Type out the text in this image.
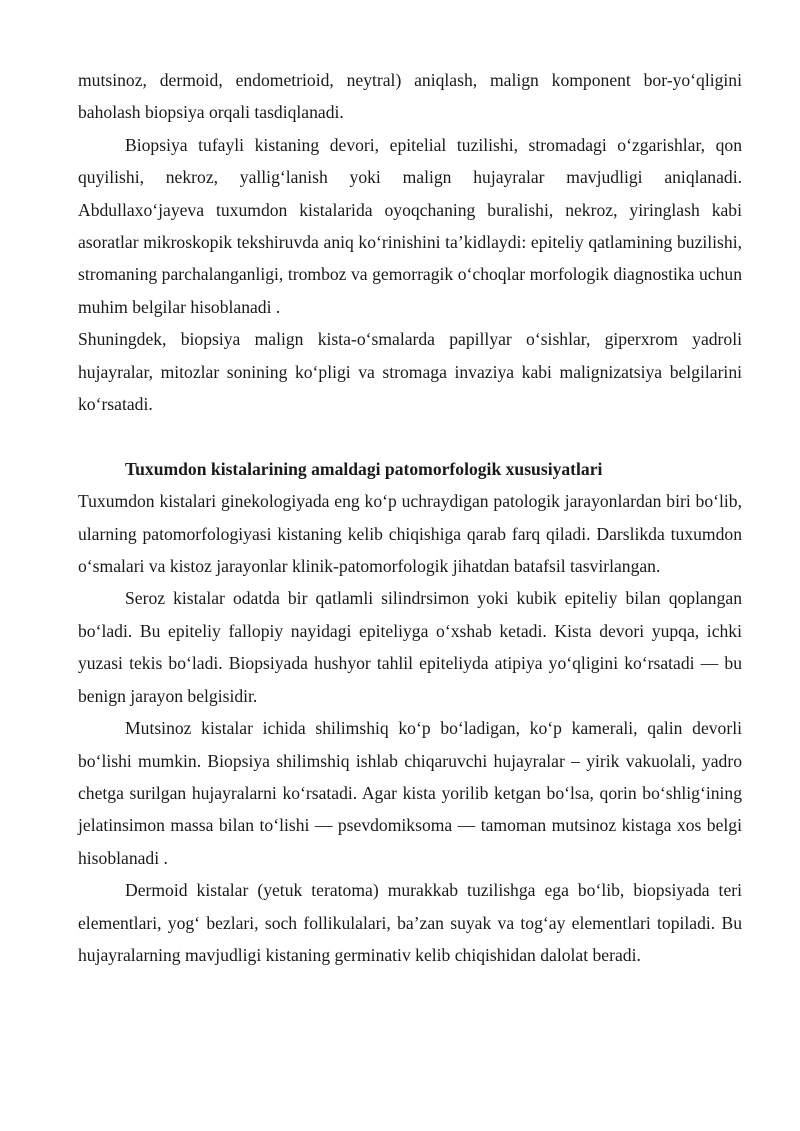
mutsinoz, dermoid, endometrioid, neytral) aniqlash, malign komponent bor-yo‘qligini baholash biopsiya orqali tasdiqlanadi.

Biopsiya tufayli kistaning devori, epitelial tuzilishi, stromadagi o‘zgarishlar, qon quyilishi, nekroz, yallig‘lanish yoki malign hujayralar mavjudligi aniqlanadi. Abdullaxo‘jayeva tuxumdon kistalarida oyoqchaning buralishi, nekroz, yiringlash kabi asoratlar mikroskopik tekshiruvda aniq ko‘rinishini ta’kidlaydi: epiteliy qatlamining buzilishi, stromaning parchalanganligi, tromboz va gemorragik o‘choqlar morfologik diagnostika uchun muhim belgilar hisoblanadi .

Shuningdek, biopsiya malign kista-o‘smalarda papillyar o‘sishlar, giperxrom yadroli hujayralar, mitozlar sonining ko‘pligi va stromaga invaziya kabi malignizatsiya belgilarini ko‘rsatadi.

Tuxumdon kistalarining amaldagi patomorfologik xususiyatlari

Tuxumdon kistalari ginekologiyada eng ko‘p uchraydigan patologik jarayonlardan biri bo‘lib, ularning patomorfologiyasi kistaning kelib chiqishiga qarab farq qiladi. Darslikda tuxumdon o‘smalari va kistoz jarayonlar klinik-patomorfologik jihatdan batafsil tasvirlangan.

Seroz kistalar odatda bir qatlamli silindrsimon yoki kubik epiteliy bilan qoplangan bo‘ladi. Bu epiteliy fallopiy nayidagi epiteliyga o‘xshab ketadi. Kista devori yupqa, ichki yuzasi tekis bo‘ladi. Biopsiyada hushyor tahlil epiteliyda atipiya yo‘qligini ko‘rsatadi — bu benign jarayon belgisidir.

Mutsinoz kistalar ichida shilimshiq ko‘p bo‘ladigan, ko‘p kamerali, qalin devorli bo‘lishi mumkin. Biopsiya shilimshiq ishlab chiqaruvchi hujayralar – yirik vakuolali, yadro chetga surilgan hujayralarni ko‘rsatadi. Agar kista yorilib ketgan bo‘lsa, qorin bo‘shlig‘ining jelatinsimon massa bilan to‘lishi — psevdomiksoma — tamoman mutsinoz kistaga xos belgi hisoblanadi .

Dermoid kistalar (yetuk teratoma) murakkab tuzilishga ega bo‘lib, biopsiyada teri elementlari, yog‘ bezlari, soch follikulalari, ba’zan suyak va tog‘ay elementlari topiladi. Bu hujayralarning mavjudligi kistaning germinativ kelib chiqishidan dalolat beradi.
